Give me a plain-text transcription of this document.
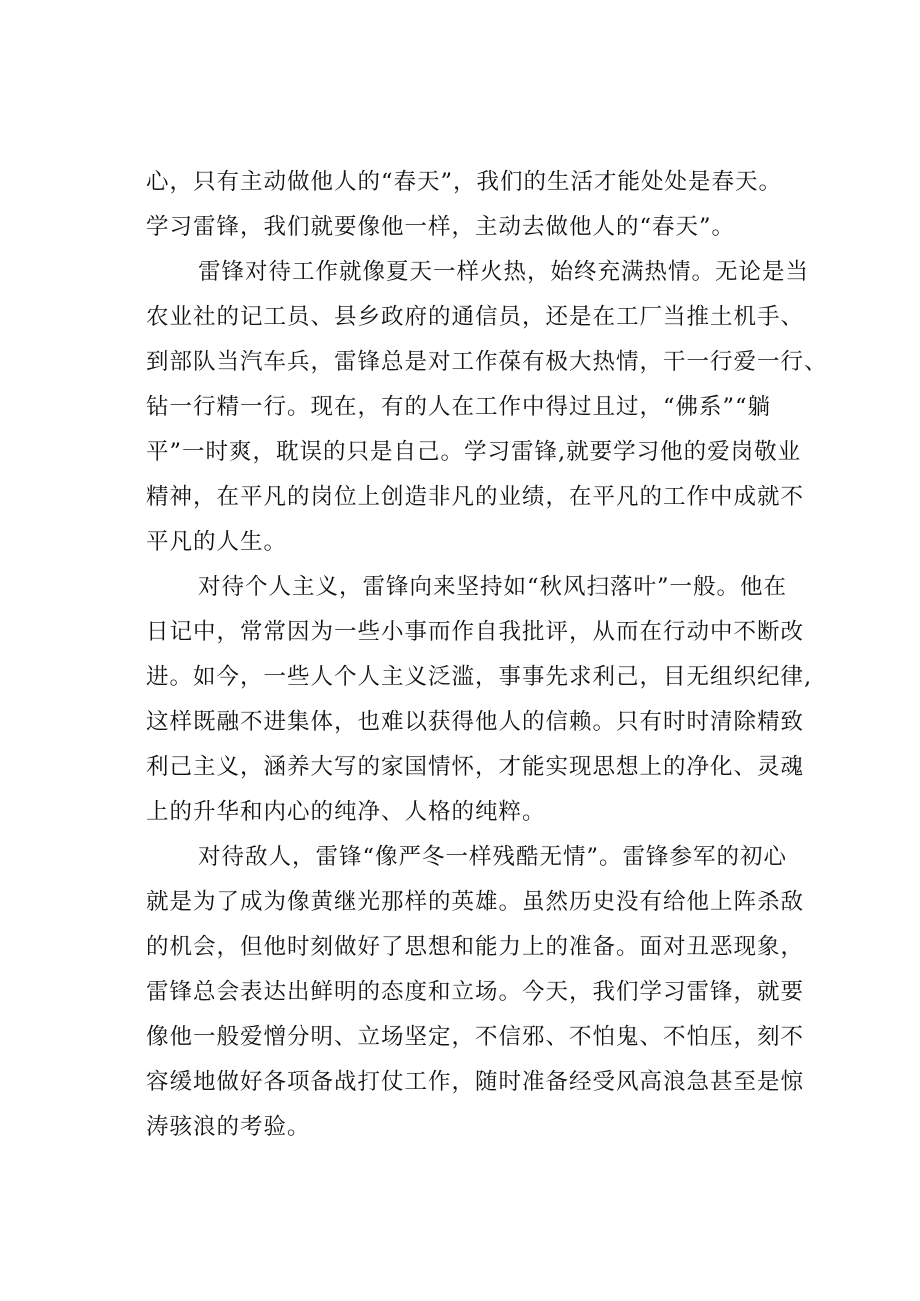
心，只有主动做他人的“春天”，我们的生活才能处处是春天。
学习雷锋，我们就要像他一样，主动去做他人的“春天”。
雷锋对待工作就像夏天一样火热，始终充满热情。无论是当
农业社的记工员、县乡政府的通信员，还是在工厂当推土机手、
到部队当汽车兵，雷锋总是对工作葆有极大热情，干一行爱一行、
钻一行精一行。现在，有的人在工作中得过且过，“佛系”“躺
平”一时爽，耽误的只是自己。学习雷锋,就要学习他的爱岗敬业
精神，在平凡的岗位上创造非凡的业绩，在平凡的工作中成就不
平凡的人生。
对待个人主义，雷锋向来坚持如“秋风扫落叶”一般。他在
日记中，常常因为一些小事而作自我批评，从而在行动中不断改
进。如今，一些人个人主义泛滥，事事先求利己，目无组织纪律,
这样既融不进集体，也难以获得他人的信赖。只有时时清除精致
利己主义，涵养大写的家国情怀，才能实现思想上的净化、灵魂
上的升华和内心的纯净、人格的纯粹。
对待敌人，雷锋“像严冬一样残酷无情”。雷锋参军的初心
就是为了成为像黄继光那样的英雄。虽然历史没有给他上阵杀敌
的机会，但他时刻做好了思想和能力上的准备。面对丑恶现象，
雷锋总会表达出鲜明的态度和立场。今天，我们学习雷锋，就要
像他一般爱憎分明、立场坚定，不信邪、不怕鬼、不怕压，刻不
容缓地做好各项备战打仗工作，随时准备经受风高浪急甚至是惊
涛骇浪的考验。
